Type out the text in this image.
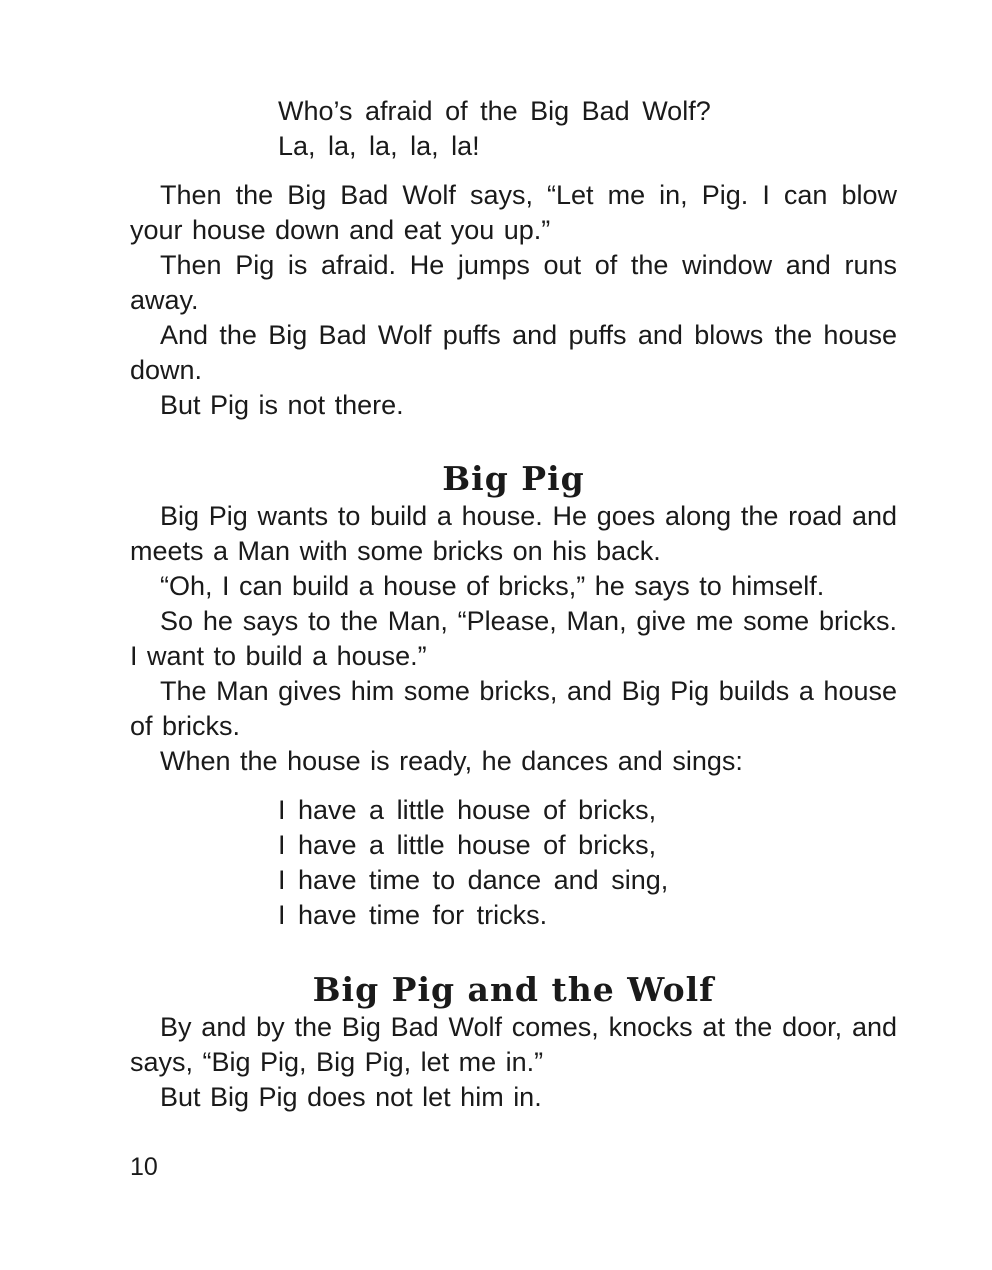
Who’s afraid of the Big Bad Wolf?
La, la, la, la, la!

Then the Big Bad Wolf says, “Let me in, Pig. I can blow your house down and eat you up.”

Then Pig is afraid. He jumps out of the window and runs away.

And the Big Bad Wolf puffs and puffs and blows the house down.

But Pig is not there.

Big Pig

Big Pig wants to build a house. He goes along the road and meets a Man with some bricks on his back.

“Oh, I can build a house of bricks,” he says to himself.

So he says to the Man, “Please, Man, give me some bricks. I want to build a house.”

The Man gives him some bricks, and Big Pig builds a house of bricks.

When the house is ready, he dances and sings:

I have a little house of bricks,
I have a little house of bricks,
I have time to dance and sing,
I have time for tricks.
Big Pig and the Wolf

By and by the Big Bad Wolf comes, knocks at the door, and says, “Big Pig, Big Pig, let me in.”

But Big Pig does not let him in.

10
